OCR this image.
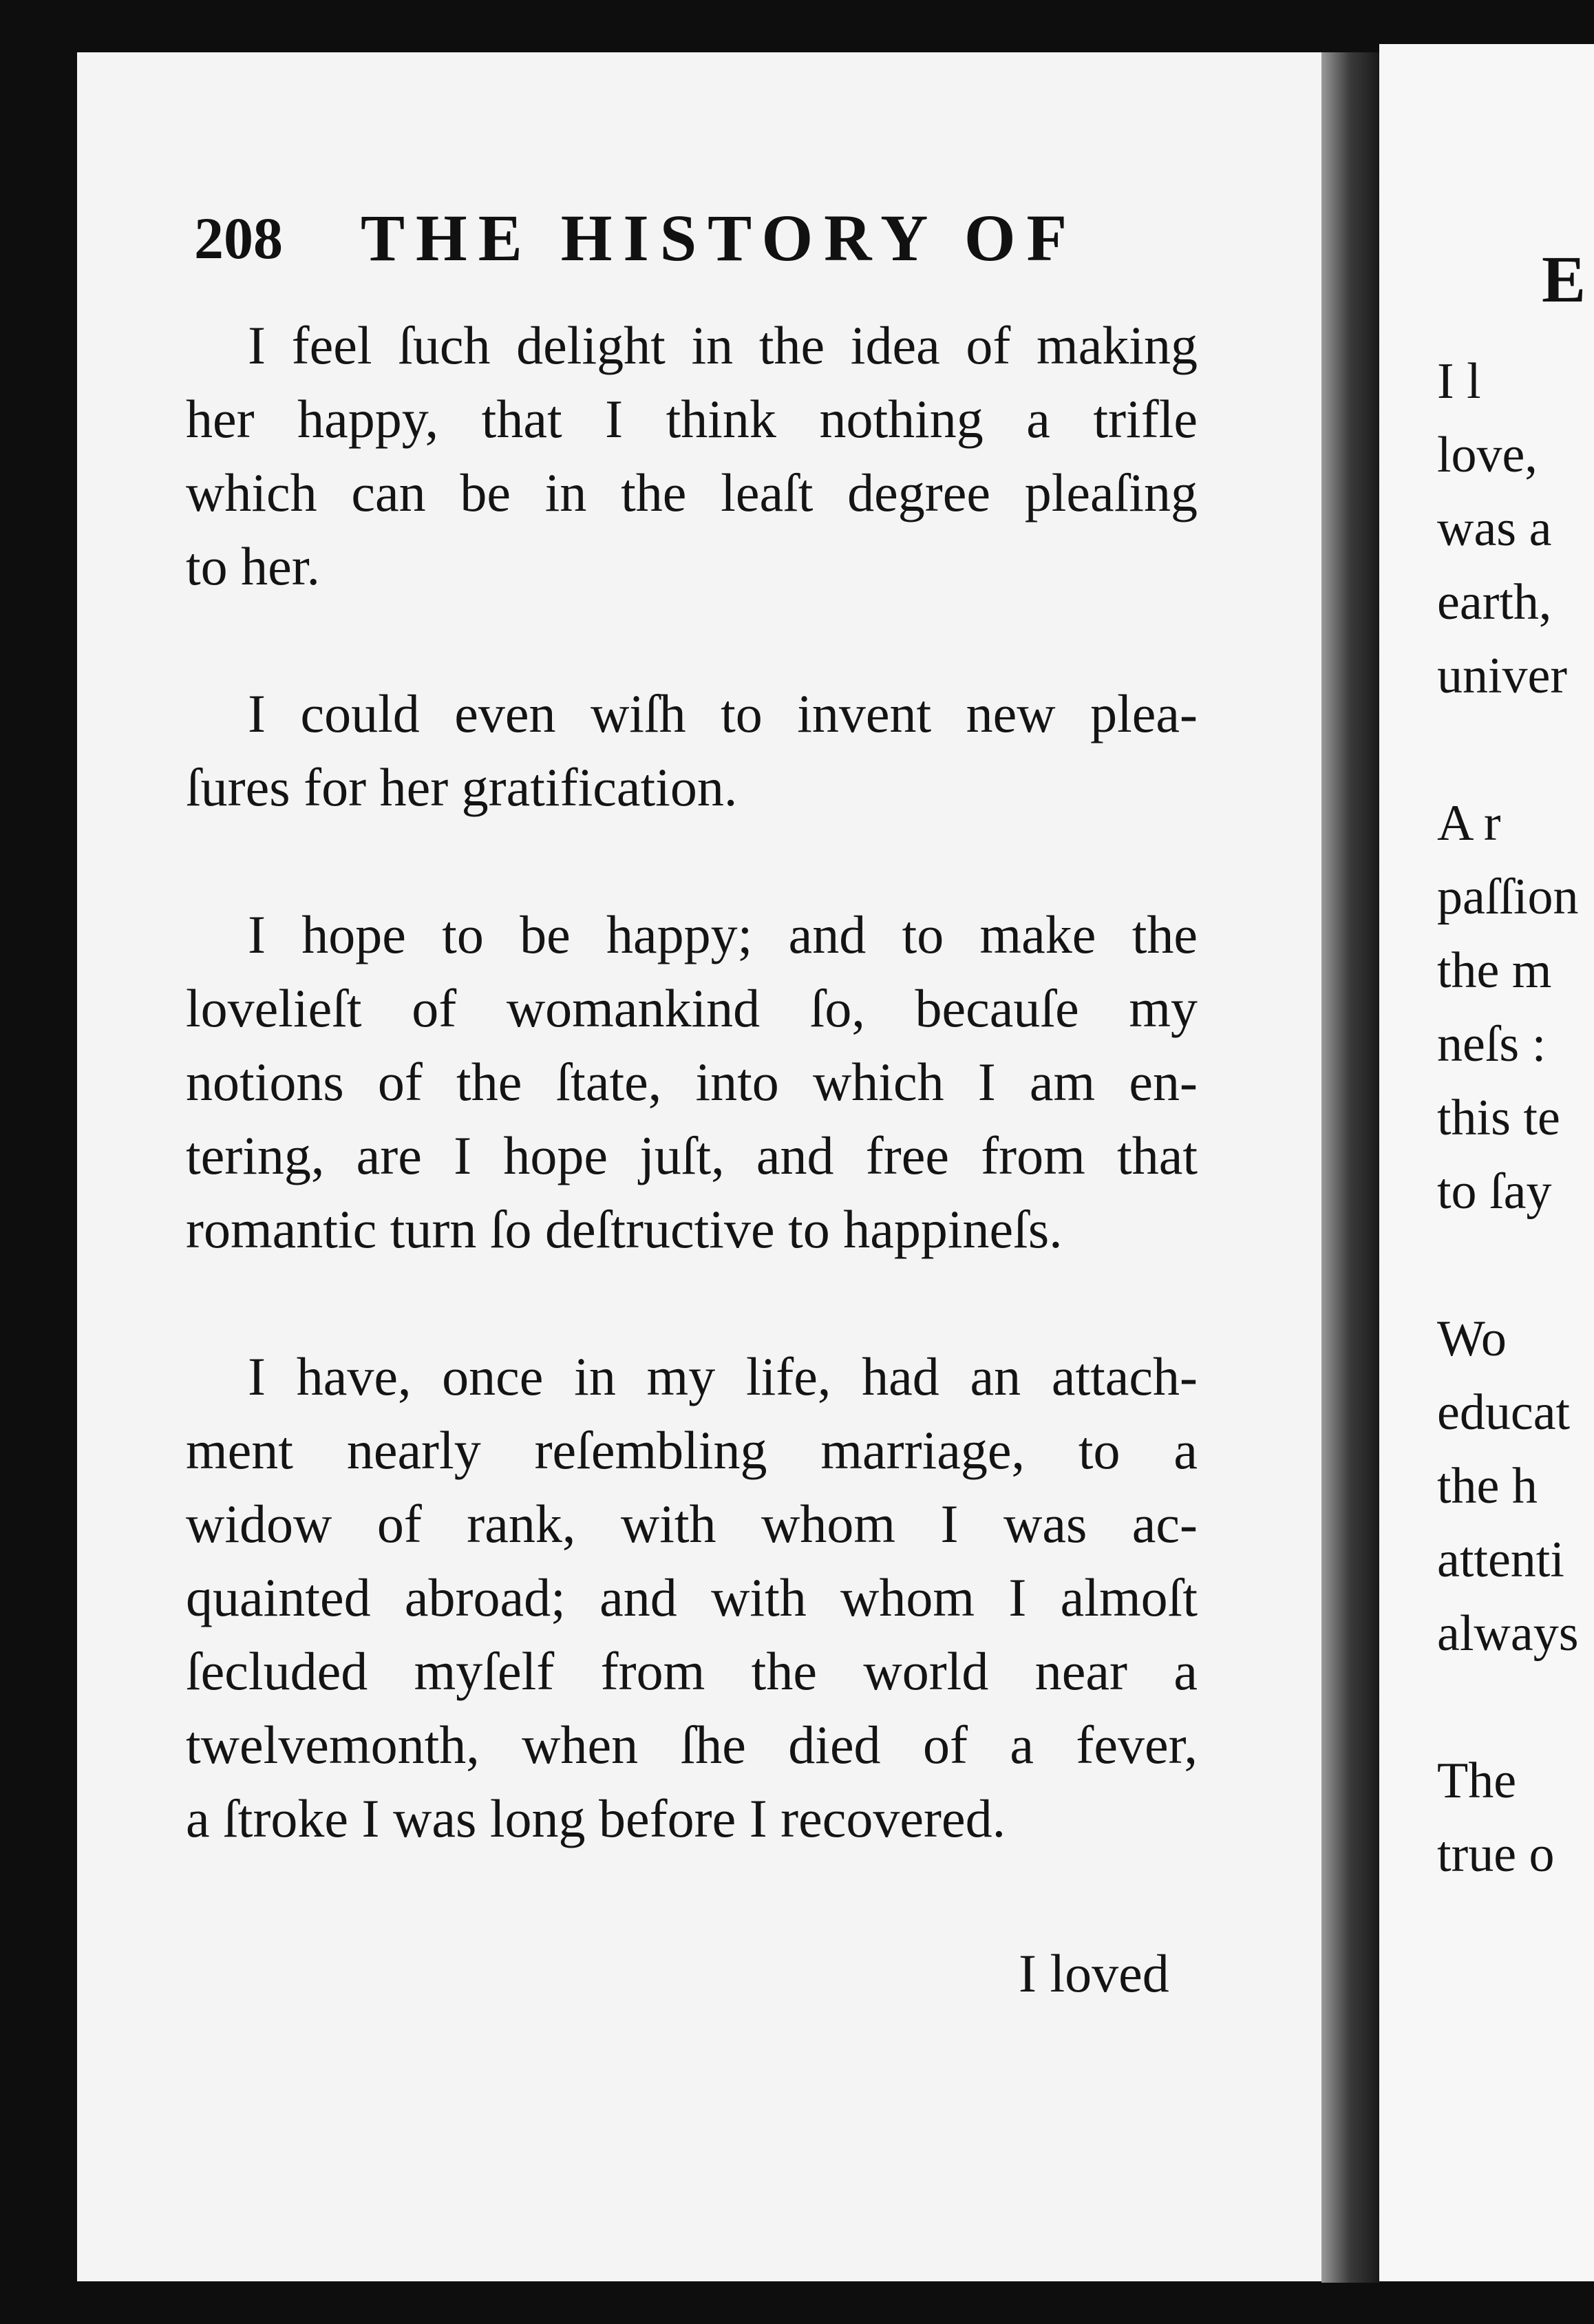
208 THE HISTORY OF
I feel ſuch delight in the idea of making
her happy, that I think nothing a trifle
which can be in the leaſt degree pleaſing
to her.
I could even wiſh to invent new plea-
ſures for her gratification.
I hope to be happy; and to make the
lovelieſt of womankind ſo, becauſe my
notions of the ſtate, into which I am en-
tering, are I hope juſt, and free from that
romantic turn ſo deſtructive to happineſs.
I have, once in my life, had an attach-
ment nearly reſembling marriage, to a
widow of rank, with whom I was ac-
quainted abroad; and with whom I almoſt
ſecluded myſelf from the world near a
twelvemonth, when ſhe died of a fever,
a ſtroke I was long before I recovered.
I loved
E
I l
love,
was a
earth,
univer
A r
paſſion
the m
neſs :
this te
to ſay
Wo
educat
the h
attenti
always
The
true o
